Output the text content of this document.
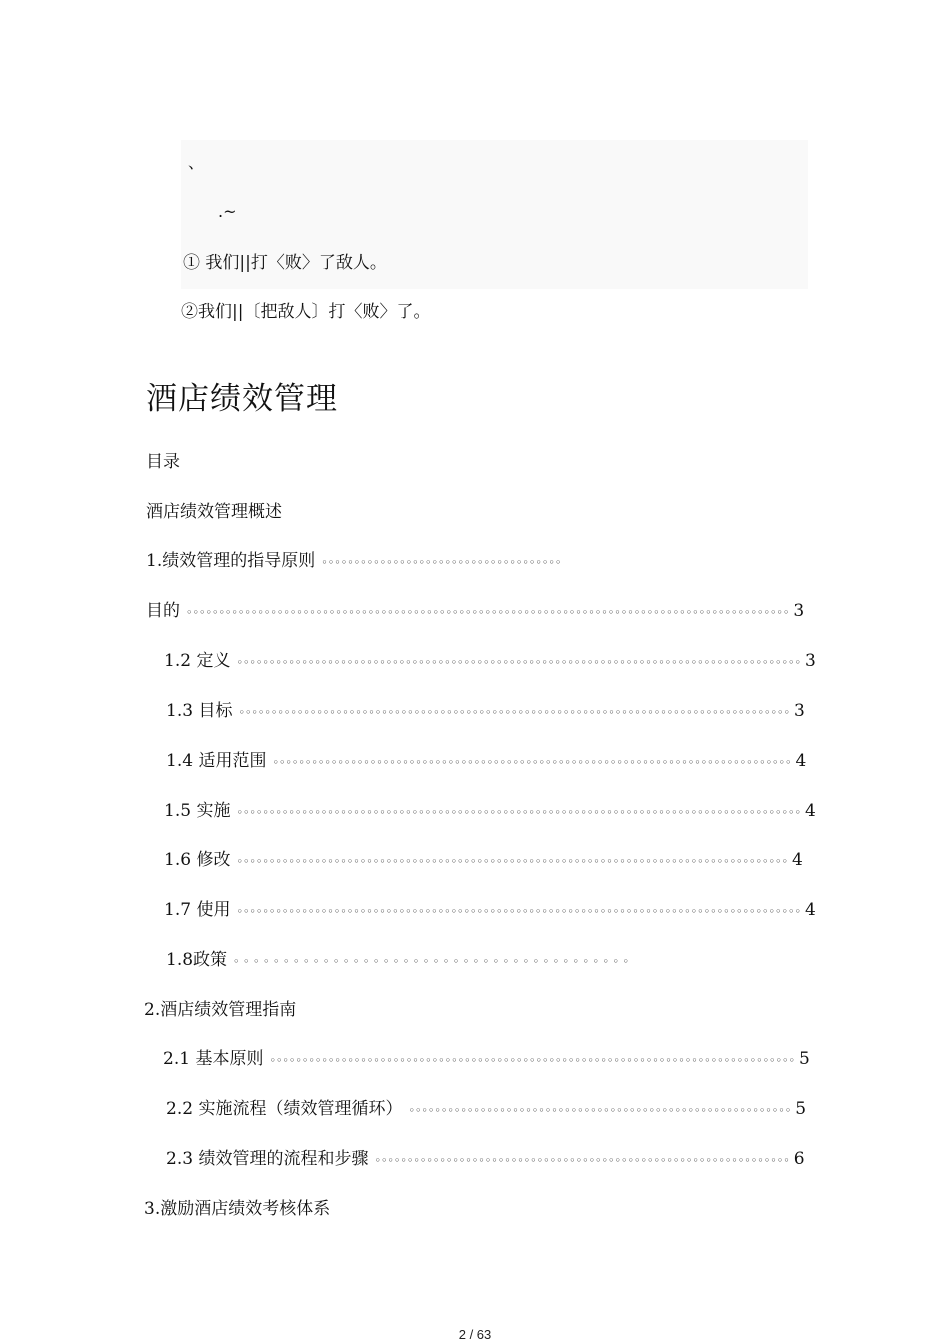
、
.~
① 我们||打〈败〉了敌人。
②我们||〔把敌人〕打〈败〉了。
酒店绩效管理
目录
酒店绩效管理概述
1.绩效管理的指导原则 ◦◦◦◦◦◦◦◦◦◦◦◦◦◦◦◦◦◦◦◦◦◦◦◦◦◦◦◦◦◦◦◦◦◦◦◦◦
目的 ◦◦◦◦◦◦◦◦◦◦◦◦◦◦◦◦◦◦◦◦◦◦◦◦◦◦◦◦◦◦◦◦◦◦◦◦◦◦◦◦◦◦◦◦◦◦◦◦◦◦◦◦◦◦◦◦◦◦◦◦◦◦◦◦◦◦◦◦◦◦◦◦◦◦◦◦◦◦◦◦◦◦◦◦◦◦◦◦◦◦◦◦◦ 3
1.2 定义 ◦◦◦◦◦◦◦◦◦◦◦◦◦◦◦◦◦◦◦◦◦◦◦◦◦◦◦◦◦◦◦◦◦◦◦◦◦◦◦◦◦◦◦◦◦◦◦◦◦◦◦◦◦◦◦◦◦◦◦◦◦◦◦◦◦◦◦◦◦◦◦◦◦◦◦◦◦◦◦◦◦◦◦◦◦◦◦ 3
1.3 目标 ◦◦◦◦◦◦◦◦◦◦◦◦◦◦◦◦◦◦◦◦◦◦◦◦◦◦◦◦◦◦◦◦◦◦◦◦◦◦◦◦◦◦◦◦◦◦◦◦◦◦◦◦◦◦◦◦◦◦◦◦◦◦◦◦◦◦◦◦◦◦◦◦◦◦◦◦◦◦◦◦◦◦◦◦◦ 3
1.4 适用范围 ◦◦◦◦◦◦◦◦◦◦◦◦◦◦◦◦◦◦◦◦◦◦◦◦◦◦◦◦◦◦◦◦◦◦◦◦◦◦◦◦◦◦◦◦◦◦◦◦◦◦◦◦◦◦◦◦◦◦◦◦◦◦◦◦◦◦◦◦◦◦◦◦◦◦◦◦◦◦◦◦ 4
1.5 实施 ◦◦◦◦◦◦◦◦◦◦◦◦◦◦◦◦◦◦◦◦◦◦◦◦◦◦◦◦◦◦◦◦◦◦◦◦◦◦◦◦◦◦◦◦◦◦◦◦◦◦◦◦◦◦◦◦◦◦◦◦◦◦◦◦◦◦◦◦◦◦◦◦◦◦◦◦◦◦◦◦◦◦◦◦◦◦◦ 4
1.6 修改 ◦◦◦◦◦◦◦◦◦◦◦◦◦◦◦◦◦◦◦◦◦◦◦◦◦◦◦◦◦◦◦◦◦◦◦◦◦◦◦◦◦◦◦◦◦◦◦◦◦◦◦◦◦◦◦◦◦◦◦◦◦◦◦◦◦◦◦◦◦◦◦◦◦◦◦◦◦◦◦◦◦◦◦◦◦ 4
1.7 使用 ◦◦◦◦◦◦◦◦◦◦◦◦◦◦◦◦◦◦◦◦◦◦◦◦◦◦◦◦◦◦◦◦◦◦◦◦◦◦◦◦◦◦◦◦◦◦◦◦◦◦◦◦◦◦◦◦◦◦◦◦◦◦◦◦◦◦◦◦◦◦◦◦◦◦◦◦◦◦◦◦◦◦◦◦◦◦◦ 4
1.8政策 ◦ ◦ ◦ ◦ ◦ ◦ ◦ ◦ ◦ ◦ ◦ ◦ ◦ ◦ ◦ ◦ ◦ ◦ ◦ ◦ ◦ ◦ ◦ ◦ ◦ ◦ ◦ ◦ ◦ ◦ ◦ ◦ ◦ ◦ ◦ ◦ ◦ ◦ ◦ ◦
2.酒店绩效管理指南
2.1 基本原则 ◦◦◦◦◦◦◦◦◦◦◦◦◦◦◦◦◦◦◦◦◦◦◦◦◦◦◦◦◦◦◦◦◦◦◦◦◦◦◦◦◦◦◦◦◦◦◦◦◦◦◦◦◦◦◦◦◦◦◦◦◦◦◦◦◦◦◦◦◦◦◦◦◦◦◦◦◦◦◦◦◦ 5
2.2 实施流程（绩效管理循环） ◦◦◦◦◦◦◦◦◦◦◦◦◦◦◦◦◦◦◦◦◦◦◦◦◦◦◦◦◦◦◦◦◦◦◦◦◦◦◦◦◦◦◦◦◦◦◦◦◦◦◦◦◦◦◦◦◦◦◦ 5
2.3 绩效管理的流程和步骤 ◦◦◦◦◦◦◦◦◦◦◦◦◦◦◦◦◦◦◦◦◦◦◦◦◦◦◦◦◦◦◦◦◦◦◦◦◦◦◦◦◦◦◦◦◦◦◦◦◦◦◦◦◦◦◦◦◦◦◦◦◦◦◦◦ 6
3.激励酒店绩效考核体系
2 / 63
